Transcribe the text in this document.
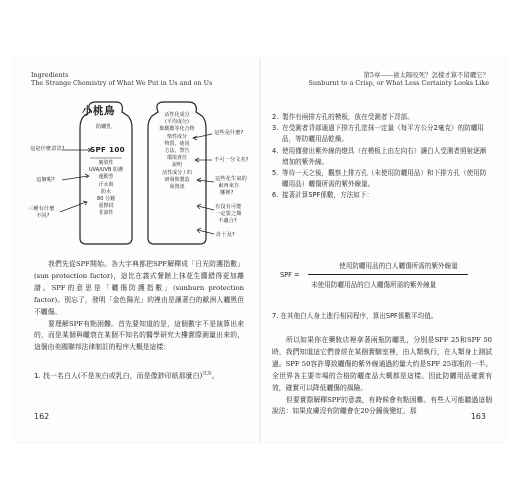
Ingredients
The Strange Chemistry of What We Put in Us and on Us
小桃鳥
防曬乳
SPF 100
廣效性
UVA/UVB 防護
運動型
汗水與
防水
80 分鐘
重擦拭
非油性
活性化成分
(平均成分)
酞酸酯等化合物
惰性成分
物質、使用
方法、警告
環境責任
說明
活性成分 / 的
研發與製造
商資訊
這是什麼意思?
這個呢?
三種有什麼
不同?
這些是什麼?
不可一分文名?
這些花生氣的
東西來自
哪裡?
有沒有可能
一定要之類
不適合?
計十及?

我們先從SPF開始。各大字典都把SPF解釋成「日光防護指數」(sun protection factor)，這比在義式餐館上抹花生醬錯得更加離譜。SPF的意思是「曬傷防護指數」(sunburn protection factor)。別忘了，發明「金色陽光」的裡由是讓著白的歐洲人曬黑但不曬傷。

要理解SPF有點困難。首先要知道的是，這個數字不是演算出來的，而是某個與曬衰在某個不知名的醫學研究大樓實際測量出來的，這個由美國聯邦法律制訂的程序大概是這樣：

1. 找一名白人(不是灰白或乳白，而是像鈔印紙那麼白)$^{(13)}$。
162
第5章——被太陽咬死？怎樣才算不留曬它？
Sunburnt to a Crisp, or What Less Certainty Looks Like
2. 製作有兩排方孔的模板，放在受測者下背部。
3. 在受測者背部通過下排方孔塗抹一定量（每平方公分2毫克）的防曬用品，等防曬用品乾燥。
4. 使用僅發出紫外線的燈具（在模板上由左向右）讓白人受測者照射逐漸增加的紫外線。
5. 等待一天之後，觀察上排方孔（未使用防曬用品）和下排方孔（使用防曬用品）曬傷所需的紫外線量。
6. 接著計算SPF係數，方法如下：
SPF =
使用防曬用品的白人曬傷所需的紫外線量
未使用防曬用品的白人曬傷所需的紫外線量
7. 在其他白人身上進行相同程序，算出SPF係數平均值。

所以如果你在藥妝店裡拿著兩瓶防曬乳，分別是SPF 25和SPF 50時，我們知道這它們曾經在某個實驗室裡，由人類執行，在人類身上測試過。SPF 50容許導致曬傷的紫外線通過的量大約是SPF 25那瓶的一半。全世界各主要市場的合格防曬產品大概都是這樣。因此防曬用品確實有效，確實可以降低曬傷的風險。

但要實際解釋SPF的意義，有時候會有點困難。有些人可能聽過這個說法：如果皮膚沒有防曬會在20分鐘後變紅，那

163
